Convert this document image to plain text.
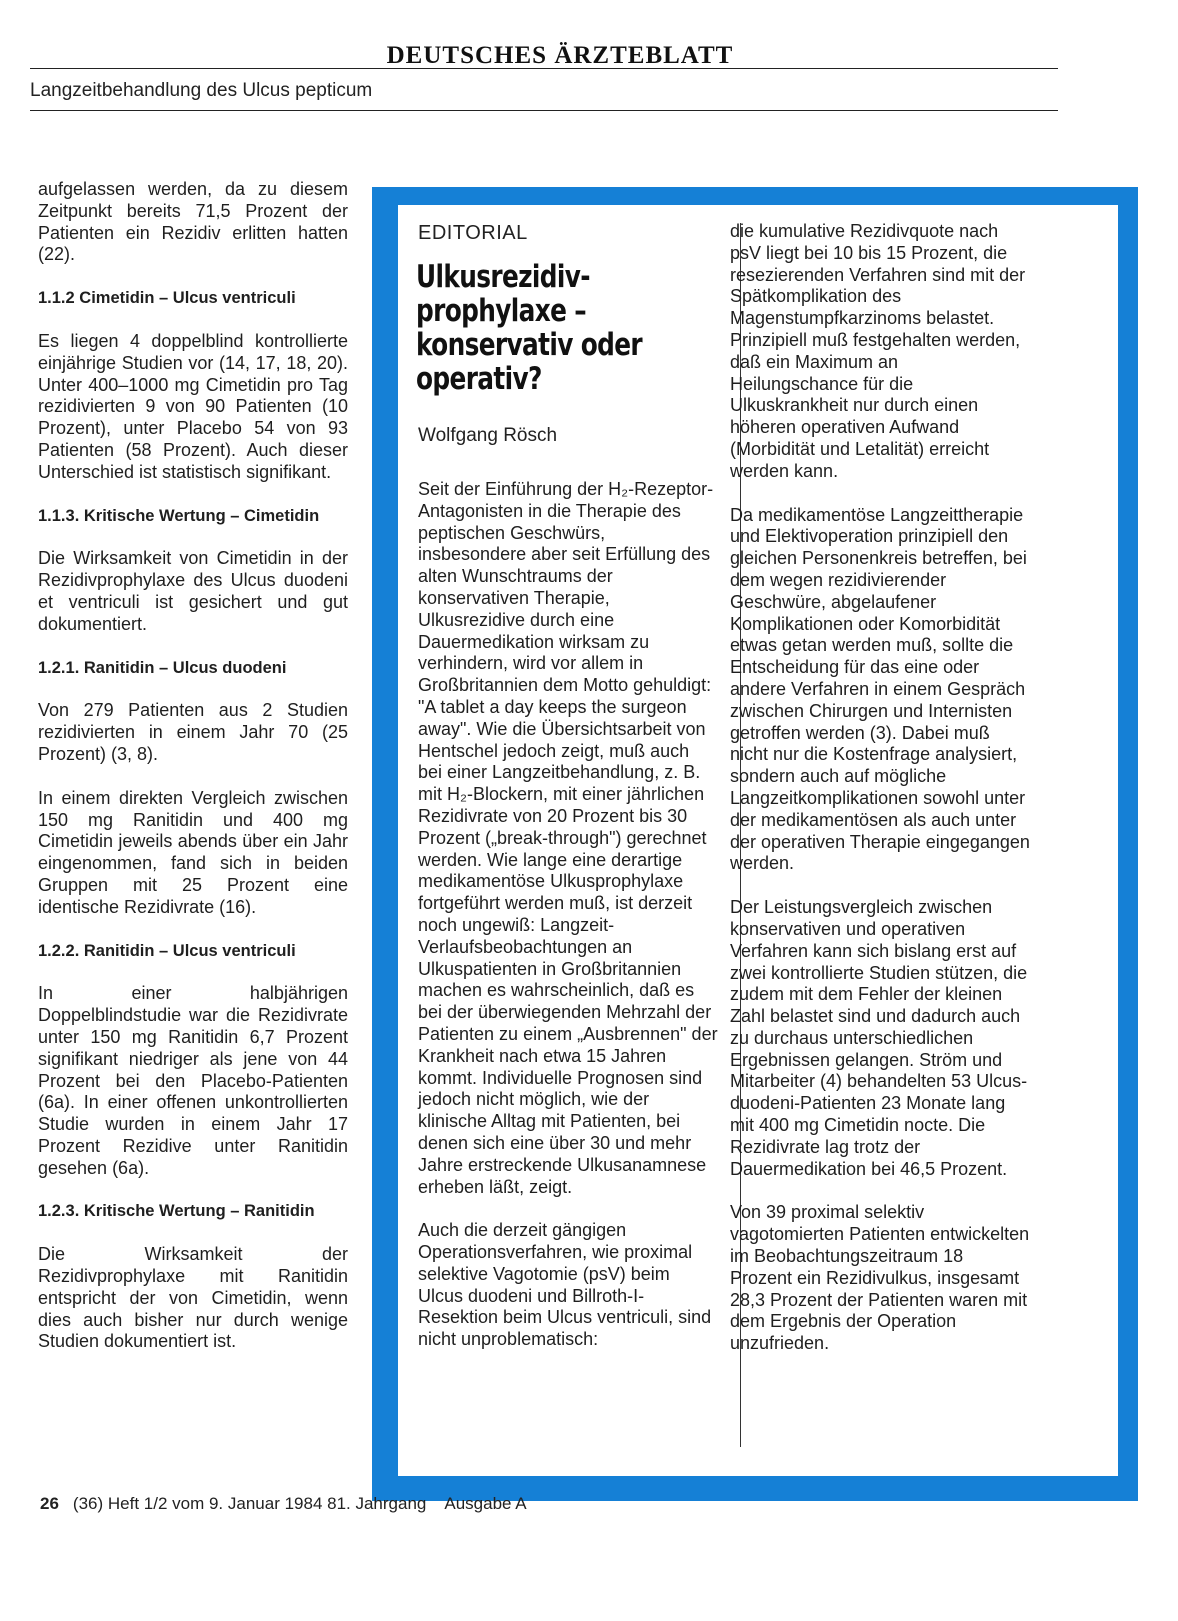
DEUTSCHES ÄRZTEBLATT
Langzeitbehandlung des Ulcus pepticum

aufgelassen werden, da zu diesem Zeitpunkt bereits 71,5 Prozent der Patienten ein Rezidiv erlitten hatten (22).

1.1.2 Cimetidin – Ulcus ventriculi

Es liegen 4 doppelblind kontrollierte einjährige Studien vor (14, 17, 18, 20). Unter 400–1000 mg Cimetidin pro Tag rezidivierten 9 von 90 Patienten (10 Prozent), unter Placebo 54 von 93 Patienten (58 Prozent). Auch dieser Unterschied ist statistisch signifikant.

1.1.3. Kritische Wertung – Cimetidin

Die Wirksamkeit von Cimetidin in der Rezidivprophylaxe des Ulcus duodeni et ventriculi ist gesichert und gut dokumentiert.

1.2.1. Ranitidin – Ulcus duodeni

Von 279 Patienten aus 2 Studien rezidivierten in einem Jahr 70 (25 Prozent) (3, 8).

In einem direkten Vergleich zwischen 150 mg Ranitidin und 400 mg Cimetidin jeweils abends über ein Jahr eingenommen, fand sich in beiden Gruppen mit 25 Prozent eine identische Rezidivrate (16).

1.2.2. Ranitidin – Ulcus ventriculi

In einer halbjährigen Doppelblindstudie war die Rezidivrate unter 150 mg Ranitidin 6,7 Prozent signifikant niedriger als jene von 44 Prozent bei den Placebo-Patienten (6a). In einer offenen unkontrollierten Studie wurden in einem Jahr 17 Prozent Rezidive unter Ranitidin gesehen (6a).

1.2.3. Kritische Wertung – Ranitidin

Die Wirksamkeit der Rezidivprophylaxe mit Ranitidin entspricht der von Cimetidin, wenn dies auch bisher nur durch wenige Studien dokumentiert ist.

EDITORIAL
Ulkusrezidiv-
prophylaxe –
konservativ oder
operativ?
Wolfgang Rösch

Seit der Einführung der H₂-Rezeptor-Antagonisten in die Therapie des peptischen Geschwürs, insbesondere aber seit Erfüllung des alten Wunschtraums der konservativen Therapie, Ulkusrezidive durch eine Dauermedikation wirksam zu verhindern, wird vor allem in Großbritannien dem Motto gehuldigt: "A tablet a day keeps the surgeon away". Wie die Übersichtsarbeit von Hentschel jedoch zeigt, muß auch bei einer Langzeitbehandlung, z. B. mit H₂-Blockern, mit einer jährlichen Rezidivrate von 20 Prozent bis 30 Prozent („break-through") gerechnet werden. Wie lange eine derartige medikamentöse Ulkusprophylaxe fortgeführt werden muß, ist derzeit noch ungewiß: Langzeit-Verlaufsbeobachtungen an Ulkuspatienten in Großbritannien machen es wahrscheinlich, daß es bei der überwiegenden Mehrzahl der Patienten zu einem „Ausbrennen" der Krankheit nach etwa 15 Jahren kommt. Individuelle Prognosen sind jedoch nicht möglich, wie der klinische Alltag mit Patienten, bei denen sich eine über 30 und mehr Jahre erstreckende Ulkusanamnese erheben läßt, zeigt.

Auch die derzeit gängigen Operationsverfahren, wie proximal selektive Vagotomie (psV) beim Ulcus duodeni und Billroth-I-Resektion beim Ulcus ventriculi, sind nicht unproblematisch:

die kumulative Rezidivquote nach psV liegt bei 10 bis 15 Prozent, die resezierenden Verfahren sind mit der Spätkomplikation des Magenstumpfkarzinoms belastet. Prinzipiell muß festgehalten werden, daß ein Maximum an Heilungschance für die Ulkuskrankheit nur durch einen höheren operativen Aufwand (Morbidität und Letalität) erreicht werden kann.

Da medikamentöse Langzeittherapie und Elektivoperation prinzipiell den gleichen Personenkreis betreffen, bei dem wegen rezidivierender Geschwüre, abgelaufener Komplikationen oder Komorbidität etwas getan werden muß, sollte die Entscheidung für das eine oder andere Verfahren in einem Gespräch zwischen Chirurgen und Internisten getroffen werden (3). Dabei muß nicht nur die Kostenfrage analysiert, sondern auch auf mögliche Langzeitkomplikationen sowohl unter der medikamentösen als auch unter der operativen Therapie eingegangen werden.

Der Leistungsvergleich zwischen konservativen und operativen Verfahren kann sich bislang erst auf zwei kontrollierte Studien stützen, die zudem mit dem Fehler der kleinen Zahl belastet sind und dadurch auch zu durchaus unterschiedlichen Ergebnissen gelangen. Ström und Mitarbeiter (4) behandelten 53 Ulcus-duodeni-Patienten 23 Monate lang mit 400 mg Cimetidin nocte. Die Rezidivrate lag trotz der Dauermedikation bei 46,5 Prozent.

Von 39 proximal selektiv vagotomierten Patienten entwickelten im Beobachtungszeitraum 18 Prozent ein Rezidivulkus, insgesamt 28,3 Prozent der Patienten waren mit dem Ergebnis der Operation unzufrieden.

26 (36) Heft 1/2 vom 9. Januar 1984 81. Jahrgang Ausgabe A
